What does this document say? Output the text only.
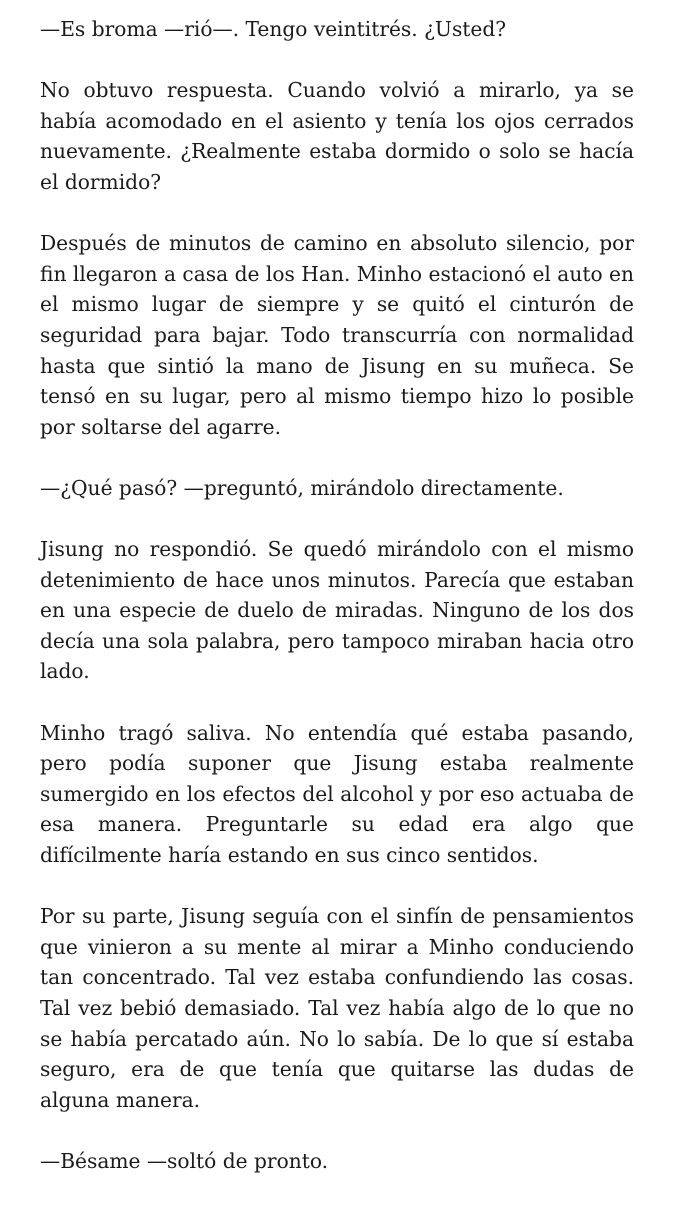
—Es broma —rió—. Tengo veintitrés. ¿Usted?

No obtuvo respuesta. Cuando volvió a mirarlo, ya se había acomodado en el asiento y tenía los ojos cerrados nuevamente. ¿Realmente estaba dormido o solo se hacía el dormido?

Después de minutos de camino en absoluto silencio, por fin llegaron a casa de los Han. Minho estacionó el auto en el mismo lugar de siempre y se quitó el cinturón de seguridad para bajar. Todo transcurría con normalidad hasta que sintió la mano de Jisung en su muñeca. Se tensó en su lugar, pero al mismo tiempo hizo lo posible por soltarse del agarre.

—¿Qué pasó? —preguntó, mirándolo directamente.

Jisung no respondió. Se quedó mirándolo con el mismo detenimiento de hace unos minutos. Parecía que estaban en una especie de duelo de miradas. Ninguno de los dos decía una sola palabra, pero tampoco miraban hacia otro lado.

Minho tragó saliva. No entendía qué estaba pasando, pero podía suponer que Jisung estaba realmente sumergido en los efectos del alcohol y por eso actuaba de esa manera. Preguntarle su edad era algo que difícilmente haría estando en sus cinco sentidos.

Por su parte, Jisung seguía con el sinfín de pensamientos que vinieron a su mente al mirar a Minho conduciendo tan concentrado. Tal vez estaba confundiendo las cosas. Tal vez bebió demasiado. Tal vez había algo de lo que no se había percatado aún. No lo sabía. De lo que sí estaba seguro, era de que tenía que quitarse las dudas de alguna manera.

—Bésame —soltó de pronto.
